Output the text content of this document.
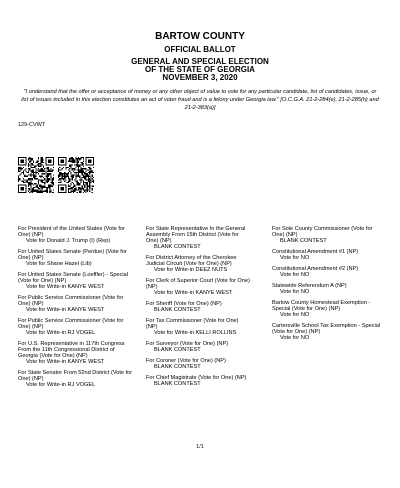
BARTOW COUNTY
OFFICIAL BALLOT
GENERAL AND SPECIAL ELECTION
OF THE STATE OF GEORGIA
NOVEMBER 3, 2020
"I understand that the offer or acceptance of money or any other object of value to vote for any particular candidate, list of candidates, issue, or list of issues included in this election constitutes an act of voter fraud and is a felony under Georgia law." [O.C.G.A. 21-2-284(e), 21-2-285(h) and 21-2-383(a)]
129-CVWT
For President of the United States (Vote for One) (NP)
Vote for Donald J. Trump (I) (Rep)
For United States Senate (Perdue) (Vote for One) (NP)
Vote for Shane Hazel (Lib)
For United States Senate (Loeffler) - Special (Vote for One) (NP)
Vote for Write-in KANYE WEST
For Public Service Commissioner (Vote for One) (NP)
Vote for Write-in KANYE WEST
For Public Service Commissioner (Vote for One) (NP)
Vote for Write-in RJ VOGEL
For U.S. Representative in 117th Congress From the 11th Congressional District of Georgia (Vote for One) (NP)
Vote for Write-in KANYE WEST
For State Senator From 52nd District (Vote for One) (NP)
Vote for Write-in RJ VOGEL
For State Representative In the General Assembly From 15th District (Vote for One) (NP)
BLANK CONTEST
For District Attorney of the Cherokee Judicial Circuit (Vote for One) (NP)
Vote for Write-in DEEZ NUTS
For Clerk of Superior Court (Vote for One) (NP)
Vote for Write-in KANYE WEST
For Sheriff (Vote for One) (NP)
BLANK CONTEST
For Tax Commissioner (Vote for One) (NP)
Vote for Write-in KELLI ROLLINS
For Surveyor (Vote for One) (NP)
BLANK CONTEST
For Coroner (Vote for One) (NP)
BLANK CONTEST
For Chief Magistrate (Vote for One) (NP)
BLANK CONTEST
For Sole County Commissioner (Vote for One) (NP)
BLANK CONTEST
Constitutional Amendment #1 (NP)
Vote for NO
Constitutional Amendment #2 (NP)
Vote for NO
Statewide Referendum A (NP)
Vote for NO
Bartow County Homestead Exemption - Special (Vote for One) (NP)
Vote for NO
Cartersville School Tax Exemption - Special (Vote for One) (NP)
Vote for NO
1/1
